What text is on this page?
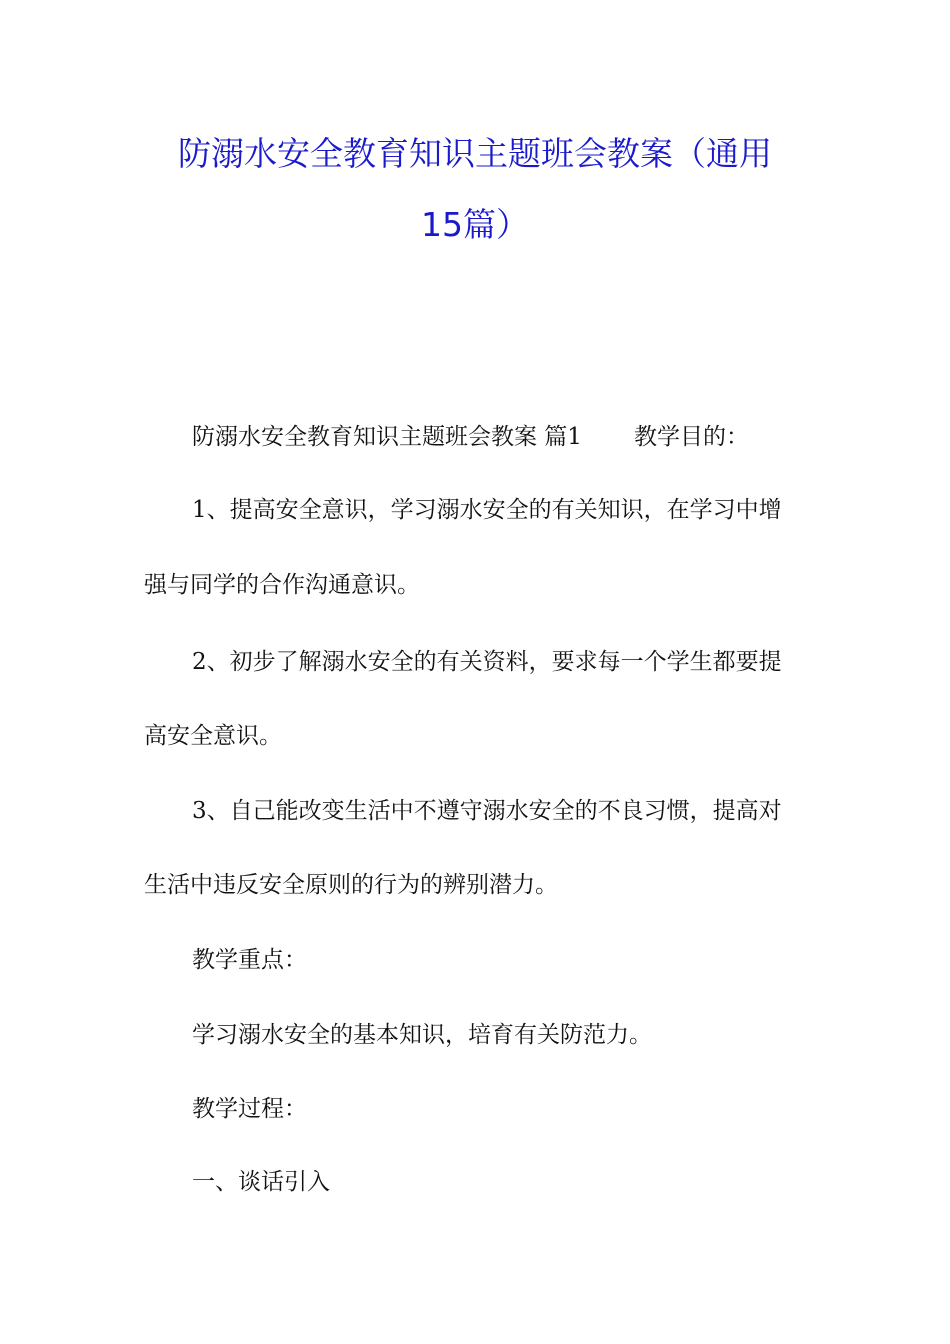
防溺水安全教育知识主题班会教案（通用
15篇）
防溺水安全教育知识主题班会教案 篇1 教学目的：
1、提高安全意识，学习溺水安全的有关知识，在学习中增
强与同学的合作沟通意识。
2、初步了解溺水安全的有关资料，要求每一个学生都要提
高安全意识。
3、自己能改变生活中不遵守溺水安全的不良习惯，提高对
生活中违反安全原则的行为的辨别潜力。
教学重点：
学习溺水安全的基本知识，培育有关防范力。
教学过程：
一、谈话引入
